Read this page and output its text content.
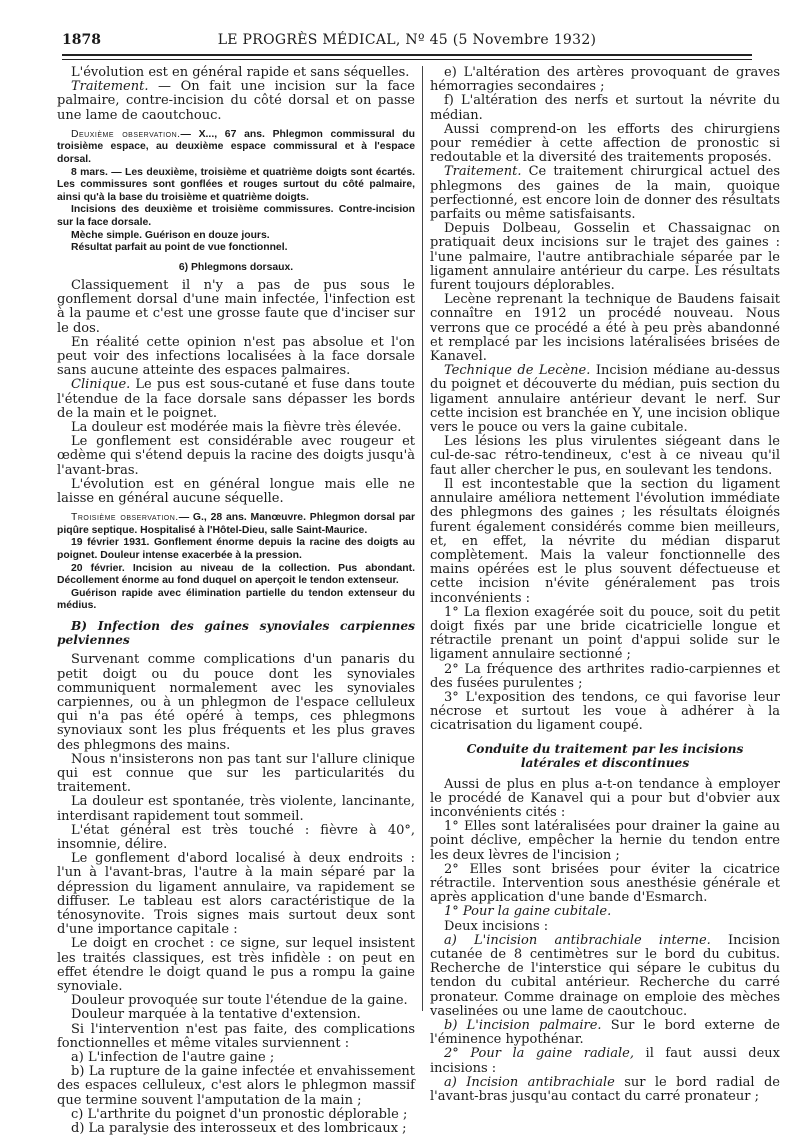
1878	LE PROGRÈS MÉDICAL, Nº 45 (5 Novembre 1932)

L'évolution est en général rapide et sans séquelles.

Traitement. — On fait une incision sur la face palmaire, contre-incision du côté dorsal et on passe une lame de caoutchouc.

Deuxième observation.— X..., 67 ans. Phlegmon commissural du troisième espace, au deuxième espace commissural et à l'espace dorsal.

8 mars. — Les deuxième, troisième et quatrième doigts sont écartés. Les commissures sont gonflées et rouges surtout du côté palmaire, ainsi qu'à la base du troisième et quatrième doigts.

Incisions des deuxième et troisième commissures. Contre-incision sur la face dorsale.

Mèche simple. Guérison en douze jours.

Résultat parfait au point de vue fonctionnel.

6) Phlegmons dorsaux.

Classiquement il n'y a pas de pus sous le gonflement dorsal d'une main infectée, l'infection est à la paume et c'est une grosse faute que d'inciser sur le dos.

En réalité cette opinion n'est pas absolue et l'on peut voir des infections localisées à la face dorsale sans aucune atteinte des espaces palmaires.

Clinique. Le pus est sous-cutané et fuse dans toute l'étendue de la face dorsale sans dépasser les bords de la main et le poignet.

La douleur est modérée mais la fièvre très élevée.

Le gonflement est considérable avec rougeur et œdème qui s'étend depuis la racine des doigts jusqu'à l'avant-bras.

L'évolution est en général longue mais elle ne laisse en général aucune séquelle.

Troisième observation.— G., 28 ans. Manœuvre. Phlegmon dorsal par piqûre septique. Hospitalisé à l'Hôtel-Dieu, salle Saint-Maurice.

19 février 1931. Gonflement énorme depuis la racine des doigts au poignet. Douleur intense exacerbée à la pression.

20 février. Incision au niveau de la collection. Pus abondant. Décollement énorme au fond duquel on aperçoit le tendon extenseur.

Guérison rapide avec élimination partielle du tendon extenseur du médius.

B) Infection des gaines synoviales carpiennes pelviennes

Survenant comme complications d'un panaris du petit doigt ou du pouce dont les synoviales communiquent normalement avec les synoviales carpiennes, ou à un phlegmon de l'espace celluleux qui n'a pas été opéré à temps, ces phlegmons synoviaux sont les plus fréquents et les plus graves des phlegmons des mains.

Nous n'insisterons non pas tant sur l'allure clinique qui est connue que sur les particularités du traitement.

La douleur est spontanée, très violente, lancinante, interdisant rapidement tout sommeil.

L'état général est très touché : fièvre à 40°, insomnie, délire.

Le gonflement d'abord localisé à deux endroits : l'un à l'avant-bras, l'autre à la main séparé par la dépression du ligament annulaire, va rapidement se diffuser. Le tableau est alors caractéristique de la ténosynovite. Trois signes mais surtout deux sont d'une importance capitale :

Le doigt en crochet : ce signe, sur lequel insistent les traités classiques, est très infidèle : on peut en effet étendre le doigt quand le pus a rompu la gaine synoviale.

Douleur provoquée sur toute l'étendue de la gaine.

Douleur marquée à la tentative d'extension.

Si l'intervention n'est pas faite, des complications fonctionnelles et même vitales surviennent :

a) L'infection de l'autre gaine ;

b) La rupture de la gaine infectée et envahissement des espaces celluleux, c'est alors le phlegmon massif que termine souvent l'amputation de la main ;

c) L'arthrite du poignet d'un pronostic déplorable ;

d) La paralysie des interosseux et des lombricaux ;

e) L'altération des artères provoquant de graves hémorragies secondaires ;

f) L'altération des nerfs et surtout la névrite du médian.

Aussi comprend-on les efforts des chirurgiens pour remédier à cette affection de pronostic si redoutable et la diversité des traitements proposés.

Traitement. Ce traitement chirurgical actuel des phlegmons des gaines de la main, quoique perfectionné, est encore loin de donner des résultats parfaits ou même satisfaisants.

Depuis Dolbeau, Gosselin et Chassaignac on pratiquait deux incisions sur le trajet des gaines : l'une palmaire, l'autre antibrachiale séparée par le ligament annulaire antérieur du carpe. Les résultats furent toujours déplorables.

Lecène reprenant la technique de Baudens faisait connaître en 1912 un procédé nouveau. Nous verrons que ce procédé a été à peu près abandonné et remplacé par les incisions latéralisées brisées de Kanavel.

Technique de Lecène. Incision médiane au-dessus du poignet et découverte du médian, puis section du ligament annulaire antérieur devant le nerf. Sur cette incision est branchée en Y, une incision oblique vers le pouce ou vers la gaine cubitale.

Les lésions les plus virulentes siégeant dans le cul-de-sac rétro-tendineux, c'est à ce niveau qu'il faut aller chercher le pus, en soulevant les tendons.

Il est incontestable que la section du ligament annulaire améliora nettement l'évolution immédiate des phlegmons des gaines ; les résultats éloignés furent également considérés comme bien meilleurs, et, en effet, la névrite du médian disparut complètement. Mais la valeur fonctionnelle des mains opérées est le plus souvent défectueuse et cette incision n'évite généralement pas trois inconvénients :

1° La flexion exagérée soit du pouce, soit du petit doigt fixés par une bride cicatricielle longue et rétractile prenant un point d'appui solide sur le ligament annulaire sectionné ;

2° La fréquence des arthrites radio-carpiennes et des fusées purulentes ;

3° L'exposition des tendons, ce qui favorise leur nécrose et surtout les voue à adhérer à la cicatrisation du ligament coupé.

Conduite du traitement par les incisions latérales et discontinues

Aussi de plus en plus a-t-on tendance à employer le procédé de Kanavel qui a pour but d'obvier aux inconvénients cités :

1° Elles sont latéralisées pour drainer la gaine au point déclive, empêcher la hernie du tendon entre les deux lèvres de l'incision ;

2° Elles sont brisées pour éviter la cicatrice rétractile. Intervention sous anesthésie générale et après application d'une bande d'Esmarch.

1° Pour la gaine cubitale.

Deux incisions :

a) L'incision antibrachiale interne. Incision cutanée de 8 centimètres sur le bord du cubitus. Recherche de l'interstice qui sépare le cubitus du tendon du cubital antérieur. Recherche du carré pronateur. Comme drainage on emploie des mèches vaselinées ou une lame de caoutchouc.

b) L'incision palmaire. Sur le bord externe de l'éminence hypothénar.

2° Pour la gaine radiale, il faut aussi deux incisions :

a) Incision antibrachiale sur le bord radial de l'avant-bras jusqu'au contact du carré pronateur ;
